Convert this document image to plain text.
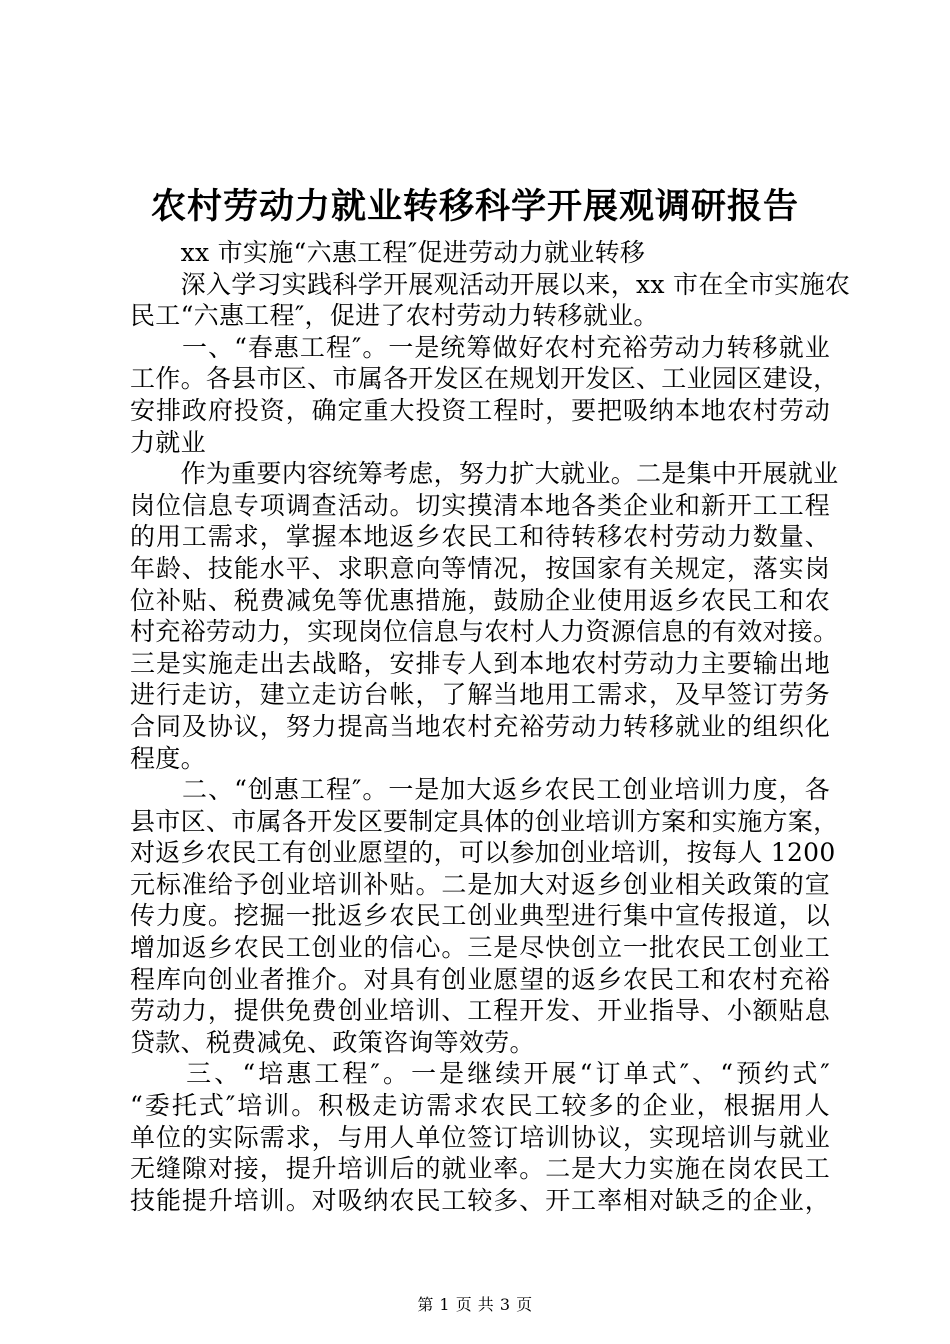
农村劳动力就业转移科学开展观调研报告
　　xx 市实施“六惠工程″促进劳动力就业转移
　　深入学习实践科学开展观活动开展以来，xx 市在全市实施农
民工“六惠工程″，促进了农村劳动力转移就业。
　　一、“春惠工程″。一是统筹做好农村充裕劳动力转移就业
工作。各县市区、市属各开发区在规划开发区、工业园区建设，
安排政府投资，确定重大投资工程时，要把吸纳本地农村劳动
力就业
　　作为重要内容统筹考虑，努力扩大就业。二是集中开展就业
岗位信息专项调查活动。切实摸清本地各类企业和新开工工程
的用工需求，掌握本地返乡农民工和待转移农村劳动力数量、
年龄、技能水平、求职意向等情况，按国家有关规定，落实岗
位补贴、税费减免等优惠措施，鼓励企业使用返乡农民工和农
村充裕劳动力，实现岗位信息与农村人力资源信息的有效对接。
三是实施走出去战略，安排专人到本地农村劳动力主要输出地
进行走访，建立走访台帐，了解当地用工需求，及早签订劳务
合同及协议，努力提高当地农村充裕劳动力转移就业的组织化
程度。
　　二、“创惠工程″。一是加大返乡农民工创业培训力度，各
县市区、市属各开发区要制定具体的创业培训方案和实施方案，
对返乡农民工有创业愿望的，可以参加创业培训，按每人 1200
元标准给予创业培训补贴。二是加大对返乡创业相关政策的宣
传力度。挖掘一批返乡农民工创业典型进行集中宣传报道，以
增加返乡农民工创业的信心。三是尽快创立一批农民工创业工
程库向创业者推介。对具有创业愿望的返乡农民工和农村充裕
劳动力，提供免费创业培训、工程开发、开业指导、小额贴息
贷款、税费减免、政策咨询等效劳。
　　三、“培惠工程″。一是继续开展“订单式″、“预约式″
“委托式″培训。积极走访需求农民工较多的企业，根据用人
单位的实际需求，与用人单位签订培训协议，实现培训与就业
无缝隙对接，提升培训后的就业率。二是大力实施在岗农民工
技能提升培训。对吸纳农民工较多、开工率相对缺乏的企业，
第 1 页 共 3 页
